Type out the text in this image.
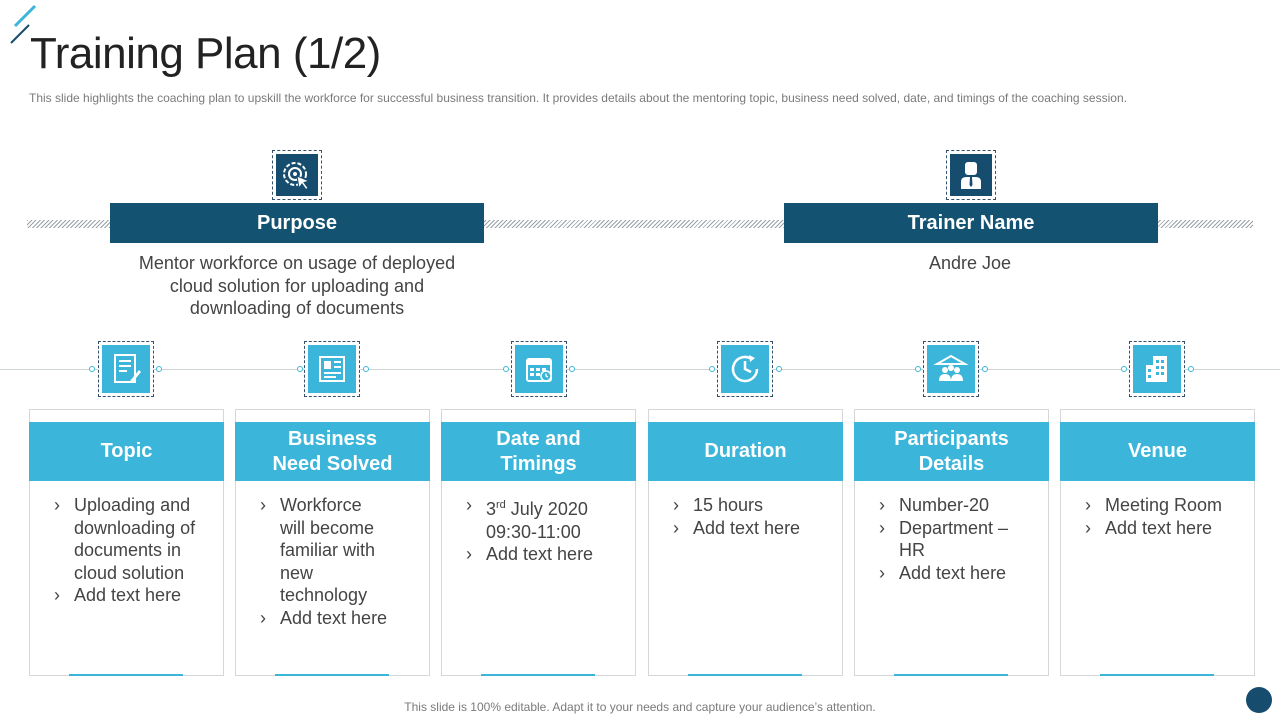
Training Plan (1/2)

This slide highlights the coaching plan to upskill the workforce for successful business transition. It provides details about the mentoring topic, business need solved, date, and timings of the coaching session.

Purpose
Mentor workforce on usage of deployed cloud solution for uploading and downloading of documents
Trainer Name
Andre Joe
Topic
› Uploading and downloading of documents in cloud solution
› Add text here
Business Need Solved
› Workforce will become familiar with new technology
› Add text here
Date and Timings
› 3rd July 2020
09:30-11:00
› Add text here
Duration
› 15 hours
› Add text here
Participants Details
› Number-20
› Department – HR
› Add text here
Venue
› Meeting Room
› Add text here
This slide is 100% editable. Adapt it to your needs and capture your audience’s attention.
